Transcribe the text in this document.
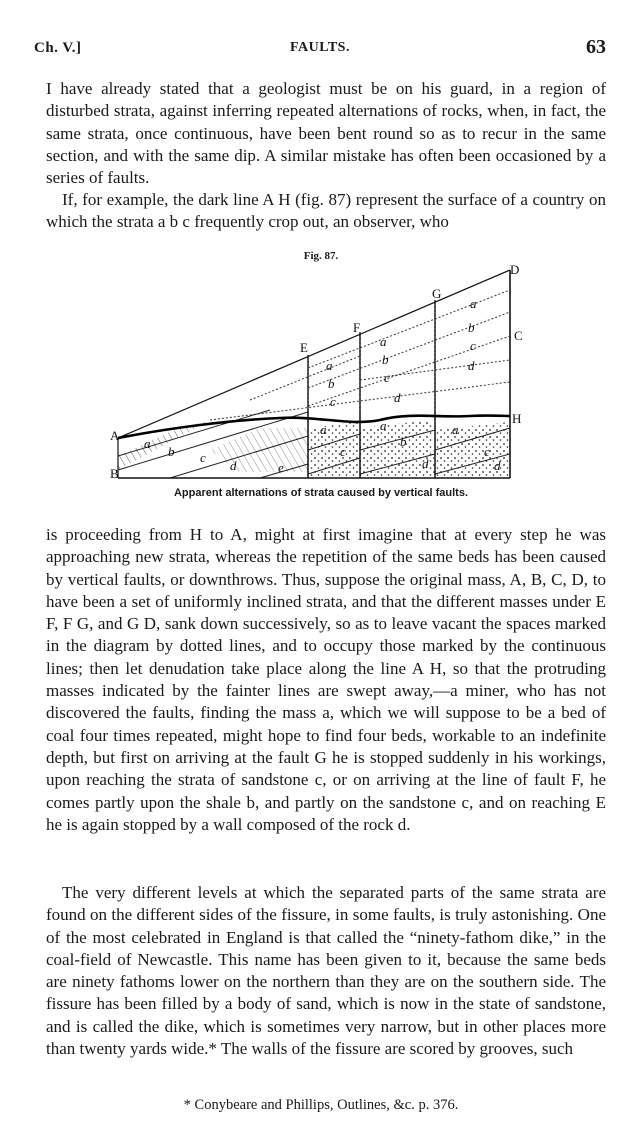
Ch. V.]	FAULTS.	63

I have already stated that a geologist must be on his guard, in a region of disturbed strata, against inferring repeated alternations of rocks, when, in fact, the same strata, once continuous, have been bent round so as to recur in the same section, and with the same dip. A similar mistake has often been occasioned by a series of faults.

If, for example, the dark line A H (fig. 87) represent the surface of a country on which the strata a b c frequently crop out, an observer, who

Fig. 87.
a
b c
d	e
a
b
c
a
b
c
d
a
b
c
d
a	a	a
c
b
d
c
d
A
B
C
D
E
F
G
H
Apparent alternations of strata caused by vertical faults.

is proceeding from H to A, might at first imagine that at every step he was approaching new strata, whereas the repetition of the same beds has been caused by vertical faults, or downthrows. Thus, suppose the original mass, A, B, C, D, to have been a set of uniformly inclined strata, and that the different masses under E F, F G, and G D, sank down successively, so as to leave vacant the spaces marked in the diagram by dotted lines, and to occupy those marked by the continuous lines; then let denudation take place along the line A H, so that the protruding masses indicated by the fainter lines are swept away,—a miner, who has not discovered the faults, finding the mass a, which we will suppose to be a bed of coal four times repeated, might hope to find four beds, workable to an indefinite depth, but first on arriving at the fault G he is stopped suddenly in his workings, upon reaching the strata of sandstone c, or on arriving at the line of fault F, he comes partly upon the shale b, and partly on the sandstone c, and on reaching E he is again stopped by a wall composed of the rock d.

The very different levels at which the separated parts of the same strata are found on the different sides of the fissure, in some faults, is truly astonishing. One of the most celebrated in England is that called the “ninety-fathom dike,” in the coal-field of Newcastle. This name has been given to it, because the same beds are ninety fathoms lower on the northern than they are on the southern side. The fissure has been filled by a body of sand, which is now in the state of sandstone, and is called the dike, which is sometimes very narrow, but in other places more than twenty yards wide.* The walls of the fissure are scored by grooves, such

* Conybeare and Phillips, Outlines, &c. p. 376.
